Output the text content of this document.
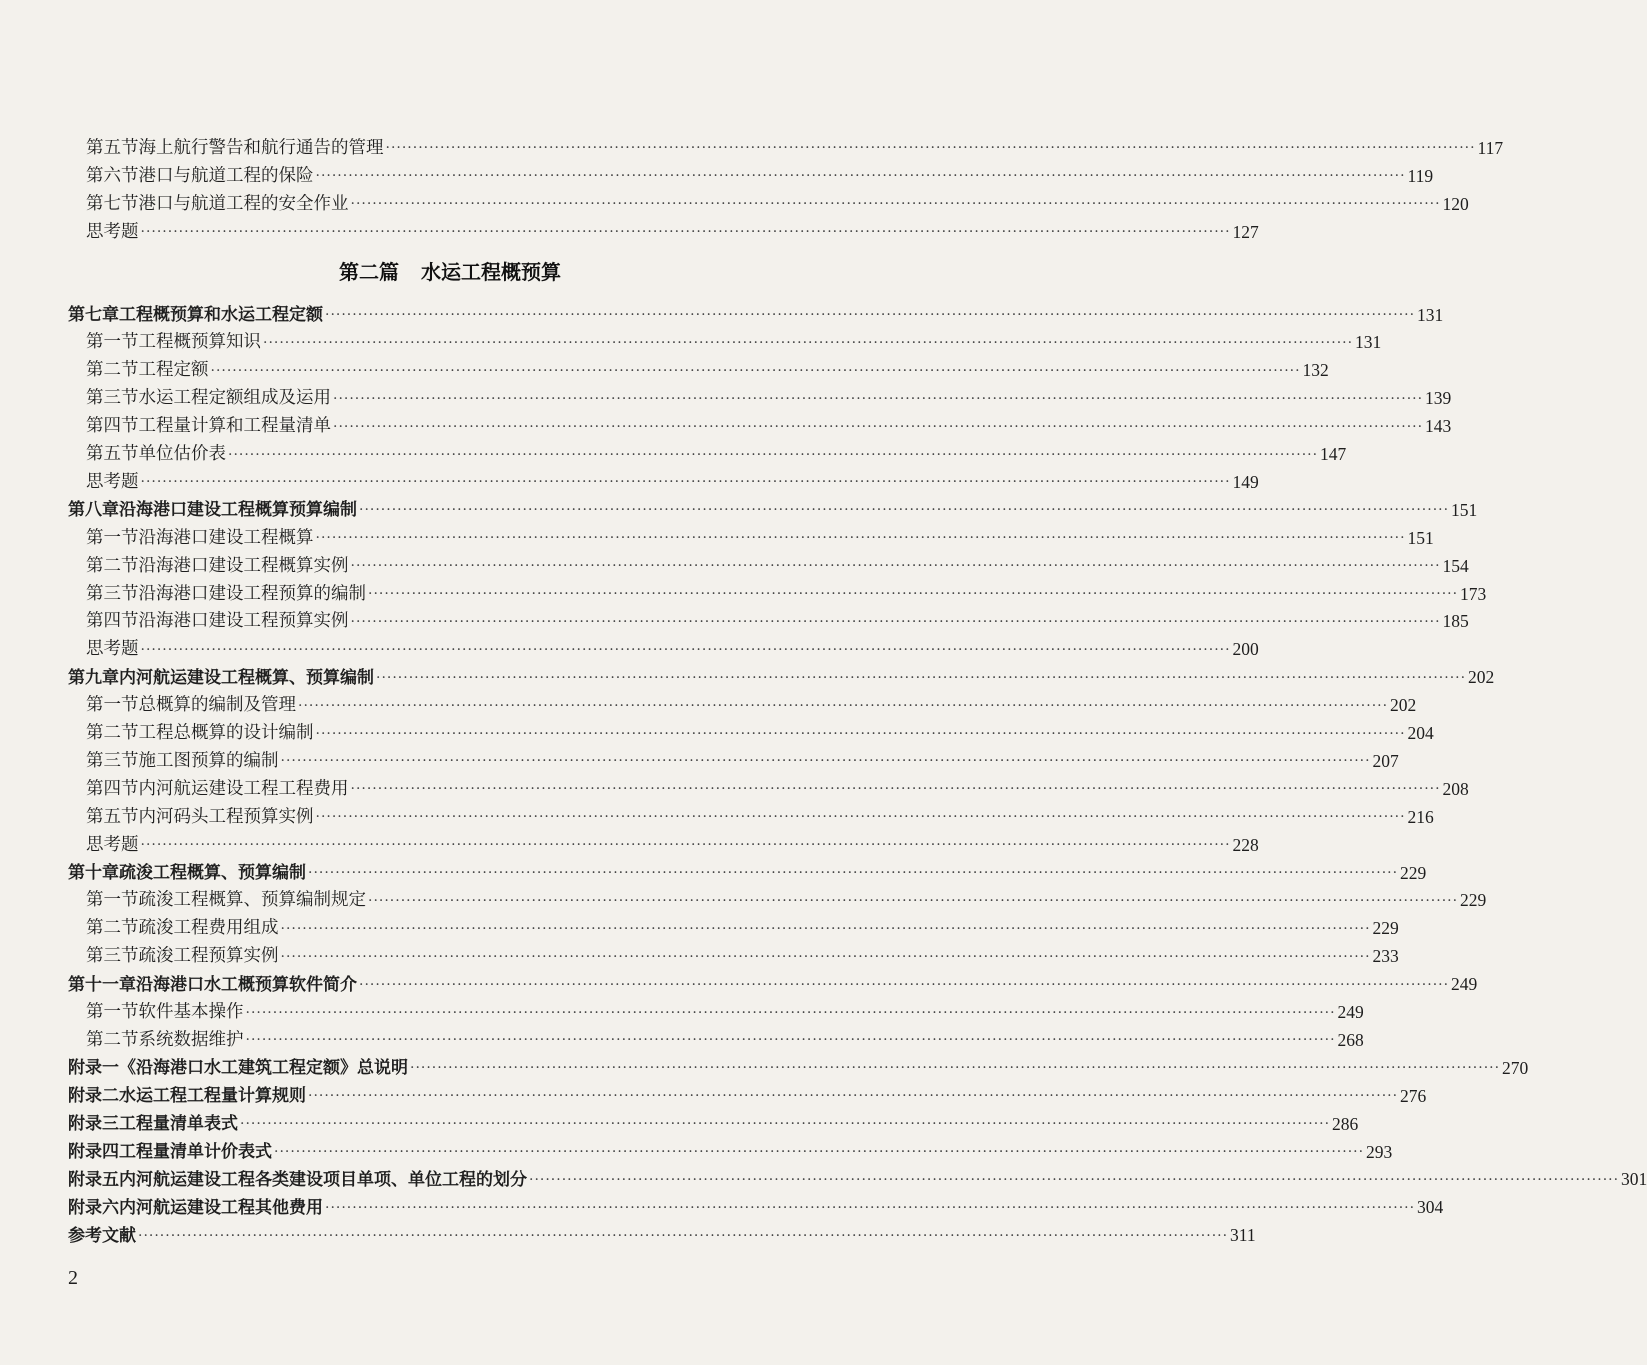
第五节 海上航行警告和航行通告的管理 ········································································································································································································ 117
第六节 港口与航道工程的保险 ········································································································································································································ 119
第七节 港口与航道工程的安全作业 ········································································································································································································ 120
思考题 ········································································································································································································ 127
第二篇 水运工程概预算
第七章 工程概预算和水运工程定额 ········································································································································································································ 131
第一节 工程概预算知识 ········································································································································································································ 131
第二节 工程定额 ········································································································································································································ 132
第三节 水运工程定额组成及运用 ········································································································································································································ 139
第四节 工程量计算和工程量清单 ········································································································································································································ 143
第五节 单位估价表 ········································································································································································································ 147
思考题 ········································································································································································································ 149
第八章 沿海港口建设工程概算预算编制 ········································································································································································································ 151
第一节 沿海港口建设工程概算 ········································································································································································································ 151
第二节 沿海港口建设工程概算实例 ········································································································································································································ 154
第三节 沿海港口建设工程预算的编制 ········································································································································································································ 173
第四节 沿海港口建设工程预算实例 ········································································································································································································ 185
思考题 ········································································································································································································ 200
第九章 内河航运建设工程概算、预算编制 ········································································································································································································ 202
第一节 总概算的编制及管理 ········································································································································································································ 202
第二节 工程总概算的设计编制 ········································································································································································································ 204
第三节 施工图预算的编制 ········································································································································································································ 207
第四节 内河航运建设工程工程费用 ········································································································································································································ 208
第五节 内河码头工程预算实例 ········································································································································································································ 216
思考题 ········································································································································································································ 228
第十章 疏浚工程概算、预算编制 ········································································································································································································ 229
第一节 疏浚工程概算、预算编制规定 ········································································································································································································ 229
第二节 疏浚工程费用组成 ········································································································································································································ 229
第三节 疏浚工程预算实例 ········································································································································································································ 233
第十一章 沿海港口水工概预算软件简介 ········································································································································································································ 249
第一节 软件基本操作 ········································································································································································································ 249
第二节 系统数据维护 ········································································································································································································ 268
附录一 《沿海港口水工建筑工程定额》总说明 ········································································································································································································ 270
附录二 水运工程工程量计算规则 ········································································································································································································ 276
附录三 工程量清单表式 ········································································································································································································ 286
附录四 工程量清单计价表式 ········································································································································································································ 293
附录五 内河航运建设工程各类建设项目单项、单位工程的划分 ········································································································································································································ 301
附录六 内河航运建设工程其他费用 ········································································································································································································ 304
参考文献 ········································································································································································································ 311
2
